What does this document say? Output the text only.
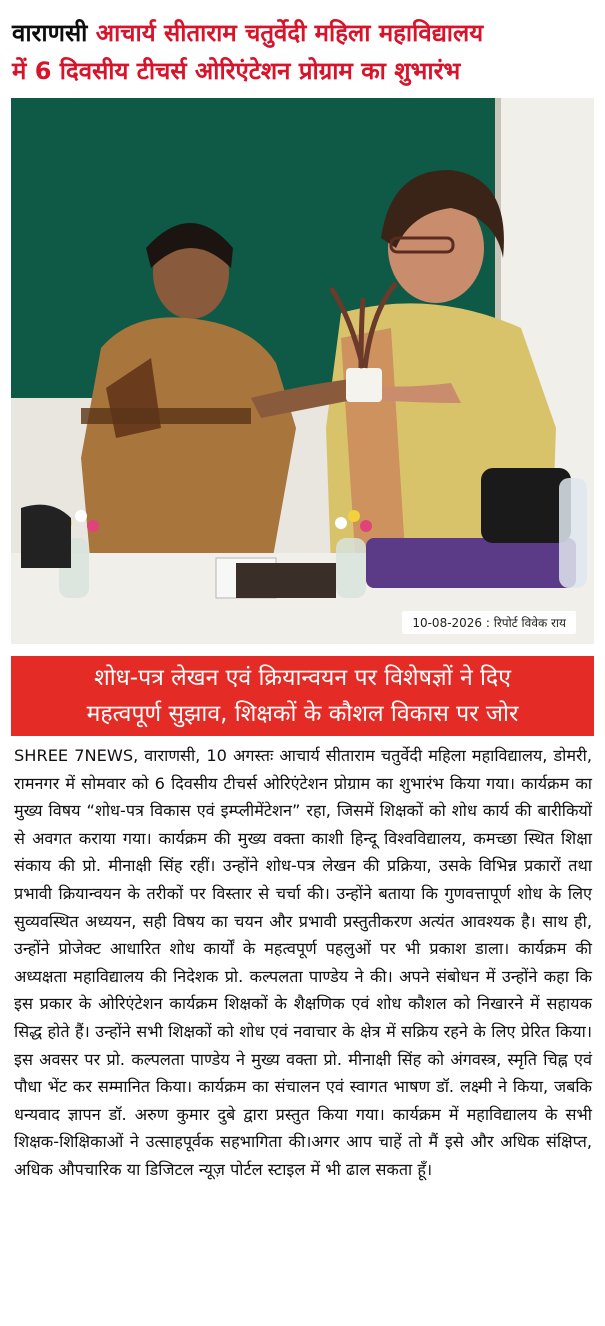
वाराणसी आचार्य सीताराम चतुर्वेदी महिला महाविद्यालय
में 6 दिवसीय टीचर्स ओरिएंटेशन प्रोग्राम का शुभारंभ
10-08-2026 : रिपोर्ट विवेक राय
शोध-पत्र लेखन एवं क्रियान्वयन पर विशेषज्ञों ने दिए
महत्वपूर्ण सुझाव, शिक्षकों के कौशल विकास पर जोर

SHREE 7NEWS, वाराणसी, 10 अगस्तः आचार्य सीताराम चतुर्वेदी महिला महाविद्यालय, डोमरी, रामनगर में सोमवार को 6 दिवसीय टीचर्स ओरिएंटेशन प्रोग्राम का शुभारंभ किया गया। कार्यक्रम का मुख्य विषय “शोध-पत्र विकास एवं इम्प्लीमेंटेशन” रहा, जिसमें शिक्षकों को शोध कार्य की बारीकियों से अवगत कराया गया। कार्यक्रम की मुख्य वक्ता काशी हिन्दू विश्वविद्यालय, कमच्छा स्थित शिक्षा संकाय की प्रो. मीनाक्षी सिंह रहीं। उन्होंने शोध-पत्र लेखन की प्रक्रिया, उसके विभिन्न प्रकारों तथा प्रभावी क्रियान्वयन के तरीकों पर विस्तार से चर्चा की। उन्होंने बताया कि गुणवत्तापूर्ण शोध के लिए सुव्यवस्थित अध्ययन, सही विषय का चयन और प्रभावी प्रस्तुतीकरण अत्यंत आवश्यक है। साथ ही, उन्होंने प्रोजेक्ट आधारित शोध कार्यों के महत्वपूर्ण पहलुओं पर भी प्रकाश डाला। कार्यक्रम की अध्यक्षता महाविद्यालय की निदेशक प्रो. कल्पलता पाण्डेय ने की। अपने संबोधन में उन्होंने कहा कि इस प्रकार के ओरिएंटेशन कार्यक्रम शिक्षकों के शैक्षणिक एवं शोध कौशल को निखारने में सहायक सिद्ध होते हैं। उन्होंने सभी शिक्षकों को शोध एवं नवाचार के क्षेत्र में सक्रिय रहने के लिए प्रेरित किया। इस अवसर पर प्रो. कल्पलता पाण्डेय ने मुख्य वक्ता प्रो. मीनाक्षी सिंह को अंगवस्त्र, स्मृति चिह्न एवं पौधा भेंट कर सम्मानित किया। कार्यक्रम का संचालन एवं स्वागत भाषण डॉ. लक्ष्मी ने किया, जबकि धन्यवाद ज्ञापन डॉ. अरुण कुमार दुबे द्वारा प्रस्तुत किया गया। कार्यक्रम में महाविद्यालय के सभी शिक्षक-शिक्षिकाओं ने उत्साहपूर्वक सहभागिता की।अगर आप चाहें तो मैं इसे और अधिक संक्षिप्त, अधिक औपचारिक या डिजिटल न्यूज़ पोर्टल स्टाइल में भी ढाल सकता हूँ।
